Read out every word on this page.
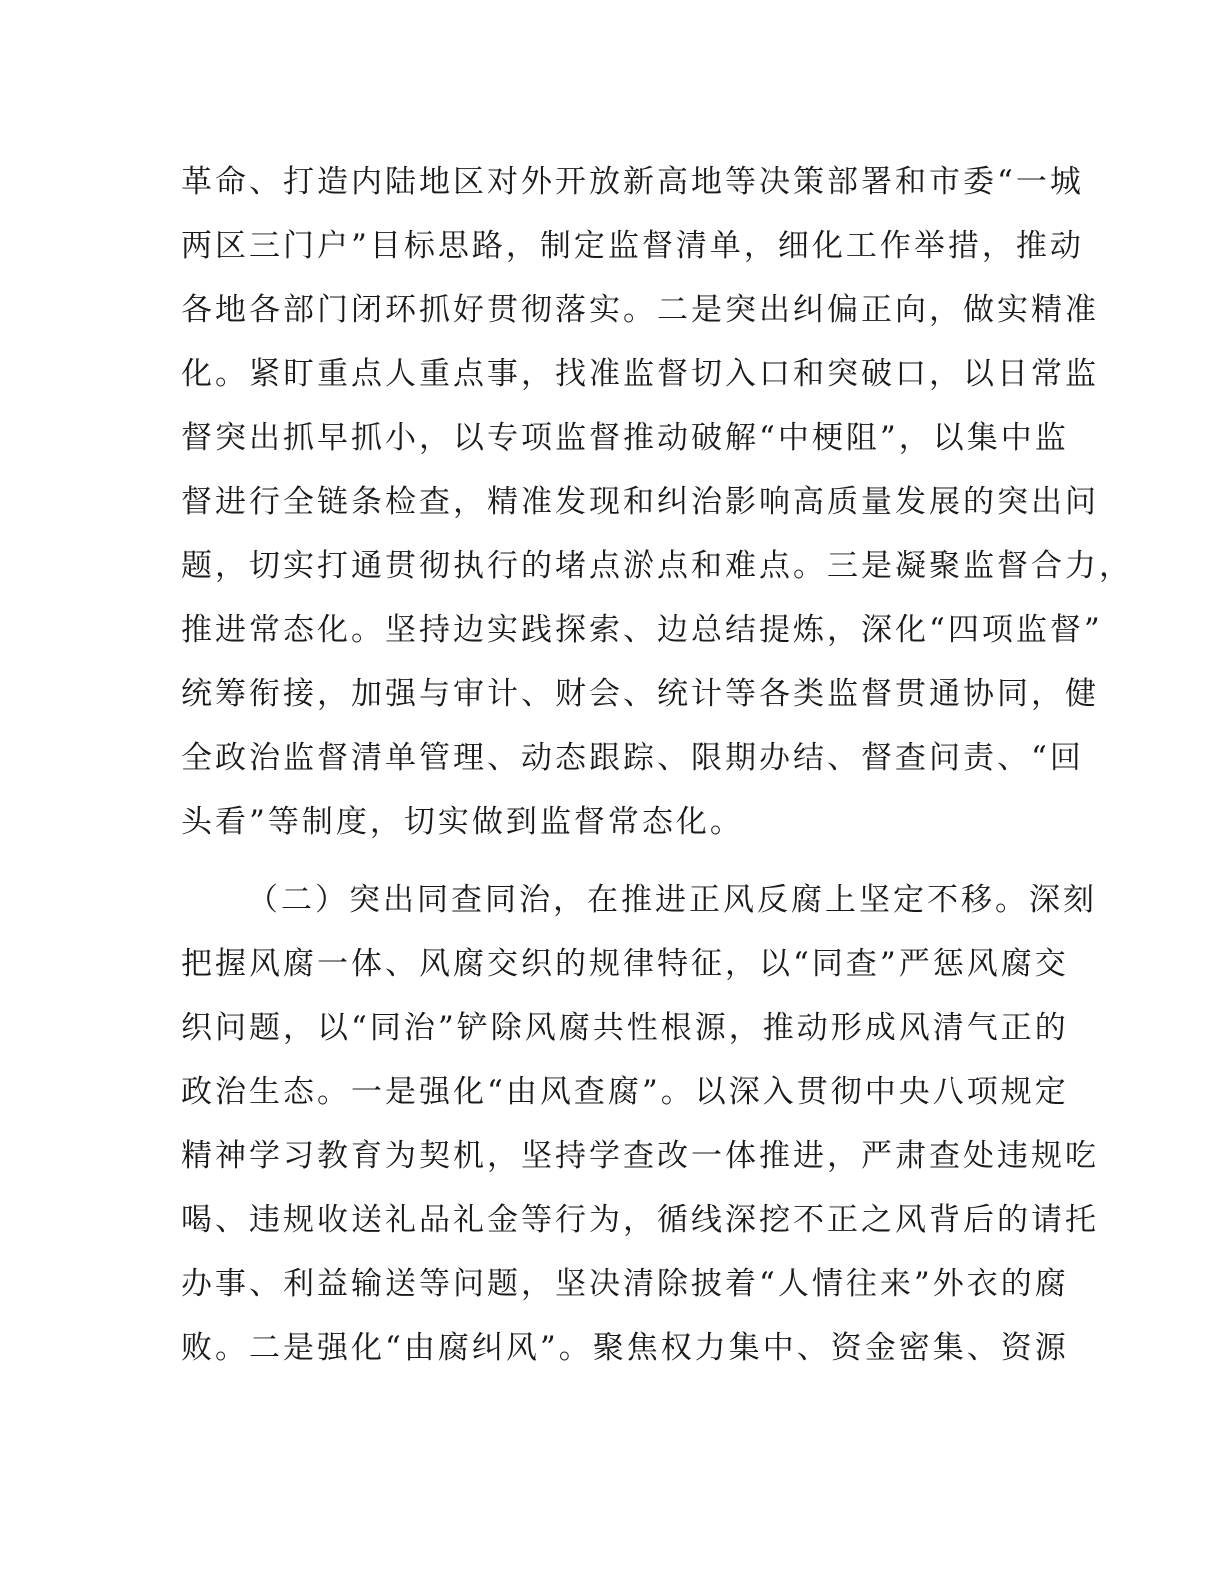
革命、打造内陆地区对外开放新高地等决策部署和市委“一城
两区三门户”目标思路，制定监督清单，细化工作举措，推动
各地各部门闭环抓好贯彻落实。二是突出纠偏正向，做实精准
化。紧盯重点人重点事，找准监督切入口和突破口，以日常监
督突出抓早抓小，以专项监督推动破解“中梗阻”，以集中监
督进行全链条检查，精准发现和纠治影响高质量发展的突出问
题，切实打通贯彻执行的堵点淤点和难点。三是凝聚监督合力，
推进常态化。坚持边实践探索、边总结提炼，深化“四项监督”
统筹衔接，加强与审计、财会、统计等各类监督贯通协同，健
全政治监督清单管理、动态跟踪、限期办结、督查问责、“回
头看”等制度，切实做到监督常态化。
（二）突出同查同治，在推进正风反腐上坚定不移。深刻
把握风腐一体、风腐交织的规律特征，以“同查”严惩风腐交
织问题，以“同治”铲除风腐共性根源，推动形成风清气正的
政治生态。一是强化“由风查腐”。以深入贯彻中央八项规定
精神学习教育为契机，坚持学查改一体推进，严肃查处违规吃
喝、违规收送礼品礼金等行为，循线深挖不正之风背后的请托
办事、利益输送等问题，坚决清除披着“人情往来”外衣的腐
败。二是强化“由腐纠风”。聚焦权力集中、资金密集、资源
